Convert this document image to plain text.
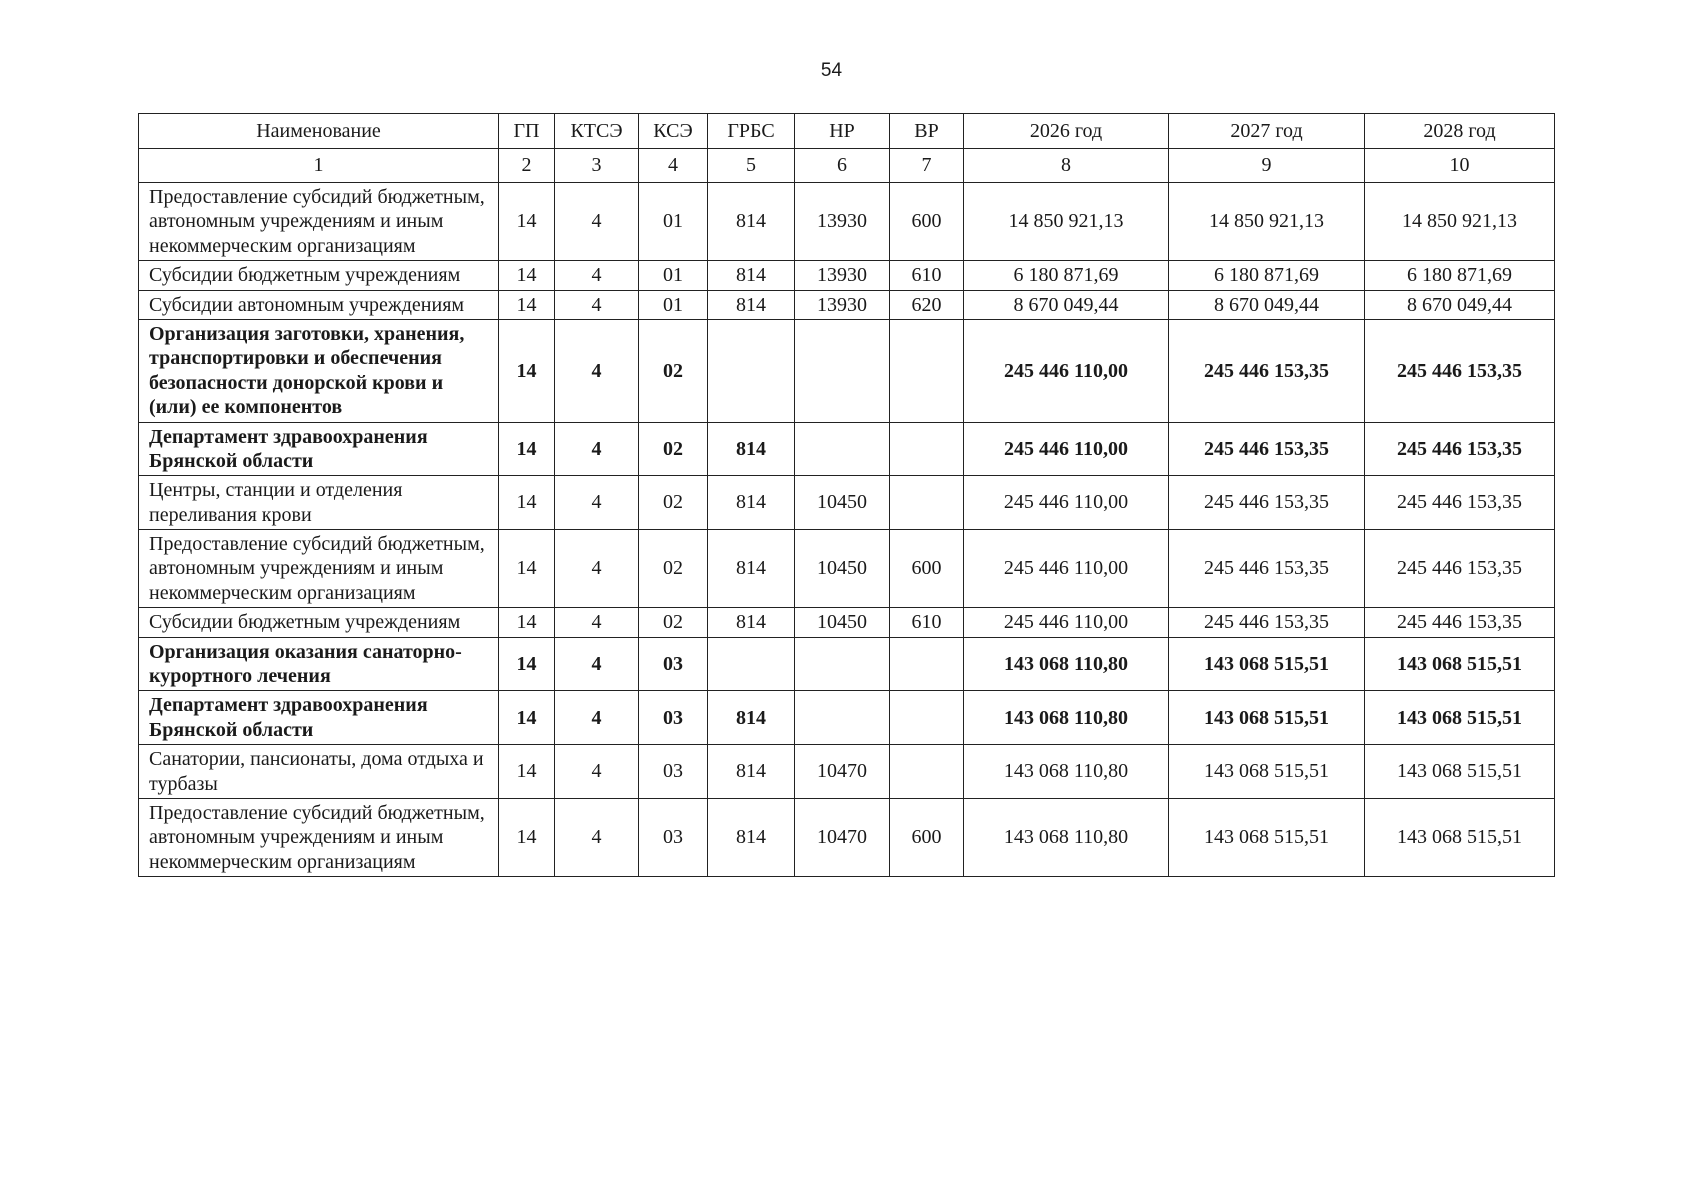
54
Наименование	ГП	КТСЭ	КСЭ	ГРБС	НР	ВР	2026 год	2027 год	2028 год
1	2	3	4	5	6	7	8	9	10
Предоставление субсидий бюджетным, автономным учреждениям и иным некоммерческим организациям	14	4	01	814	13930	600	14 850 921,13	14 850 921,13	14 850 921,13
Субсидии бюджетным учреждениям	14	4	01	814	13930	610	6 180 871,69	6 180 871,69	6 180 871,69
Субсидии автономным учреждениям	14	4	01	814	13930	620	8 670 049,44	8 670 049,44	8 670 049,44
Организация заготовки, хранения, транспортировки и обеспечения безопасности донорской крови и (или) ее компонентов	14	4	02				245 446 110,00	245 446 153,35	245 446 153,35
Департамент здравоохранения Брянской области	14	4	02	814			245 446 110,00	245 446 153,35	245 446 153,35
Центры, станции и отделения переливания крови	14	4	02	814	10450		245 446 110,00	245 446 153,35	245 446 153,35
Предоставление субсидий бюджетным, автономным учреждениям и иным некоммерческим организациям	14	4	02	814	10450	600	245 446 110,00	245 446 153,35	245 446 153,35
Субсидии бюджетным учреждениям	14	4	02	814	10450	610	245 446 110,00	245 446 153,35	245 446 153,35
Организация оказания санаторно-курортного лечения	14	4	03				143 068 110,80	143 068 515,51	143 068 515,51
Департамент здравоохранения Брянской области	14	4	03	814			143 068 110,80	143 068 515,51	143 068 515,51
Санатории, пансионаты, дома отдыха и турбазы	14	4	03	814	10470		143 068 110,80	143 068 515,51	143 068 515,51
Предоставление субсидий бюджетным, автономным учреждениям и иным некоммерческим организациям	14	4	03	814	10470	600	143 068 110,80	143 068 515,51	143 068 515,51
